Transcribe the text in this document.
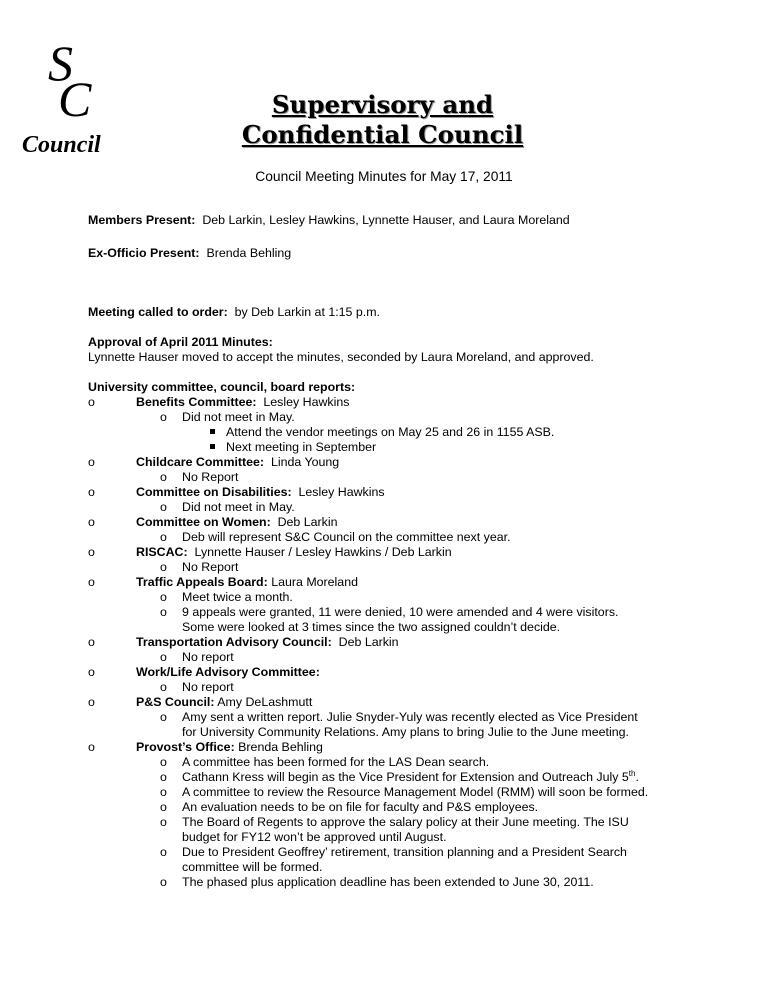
S
C
Council
Supervisory and
Confidential Council
Council Meeting Minutes for May 17, 2011
Members Present: Deb Larkin, Lesley Hawkins, Lynnette Hauser, and Laura Moreland
Ex-Officio Present: Brenda Behling
Meeting called to order: by Deb Larkin at 1:15 p.m.
Approval of April 2011 Minutes:
Lynnette Hauser moved to accept the minutes, seconded by Laura Moreland, and approved.
University committee, council, board reports:
o	Benefits Committee: Lesley Hawkins
o Did not meet in May.
Attend the vendor meetings on May 25 and 26 in 1155 ASB.
Next meeting in September
o	Childcare Committee: Linda Young
o No Report
o	Committee on Disabilities: Lesley Hawkins
o Did not meet in May.
o	Committee on Women: Deb Larkin
o Deb will represent S&C Council on the committee next year.
o	RISCAC: Lynnette Hauser / Lesley Hawkins / Deb Larkin
o No Report
o	Traffic Appeals Board: Laura Moreland
o Meet twice a month.
o 9 appeals were granted, 11 were denied, 10 were amended and 4 were visitors.
Some were looked at 3 times since the two assigned couldn’t decide.
o	Transportation Advisory Council: Deb Larkin
o No report
o	Work/Life Advisory Committee:
o No report
o	P&S Council: Amy DeLashmutt
o Amy sent a written report. Julie Snyder-Yuly was recently elected as Vice President
for University Community Relations. Amy plans to bring Julie to the June meeting.
o	Provost’s Office: Brenda Behling
o A committee has been formed for the LAS Dean search.
o Cathann Kress will begin as the Vice President for Extension and Outreach July 5th.
o A committee to review the Resource Management Model (RMM) will soon be formed.
o An evaluation needs to be on file for faculty and P&S employees.
o The Board of Regents to approve the salary policy at their June meeting. The ISU
budget for FY12 won’t be approved until August.
o Due to President Geoffrey’ retirement, transition planning and a President Search
committee will be formed.
o The phased plus application deadline has been extended to June 30, 2011.
